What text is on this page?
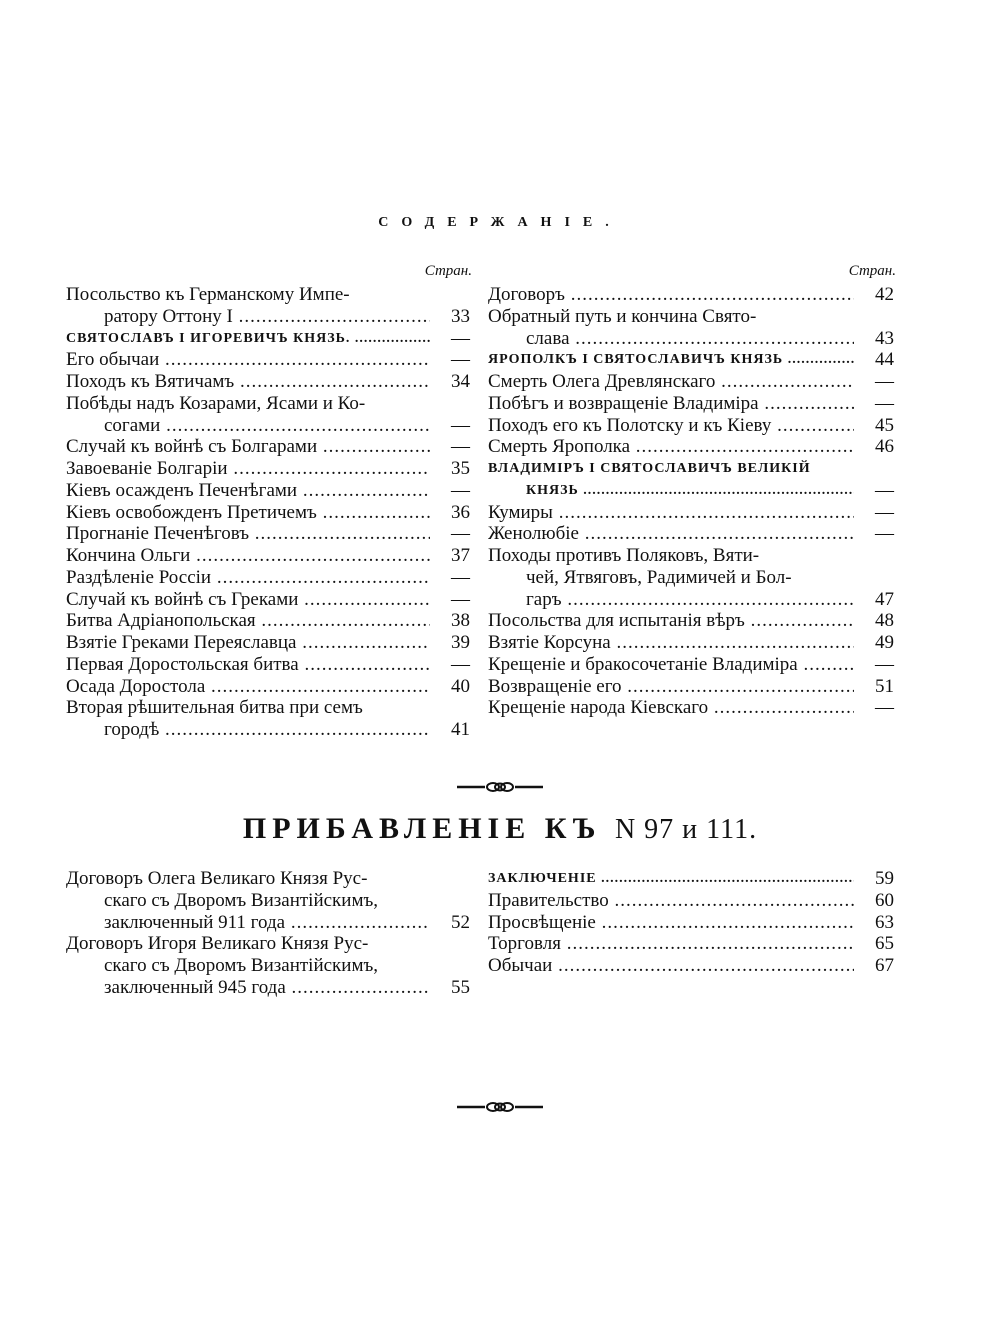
СОДЕРЖАНІЕ.
Стран.
Посольство къ Германскому Импе-
ратору Оттону I .....	33
СВЯТОСЛАВЪ I ИГОРЕВИЧЪ КНЯЗЬ. .....	—
Его обычаи .....	—
Походъ къ Вятичамъ .....	34
Побѣды надъ Козарами, Ясами и Ко-
согами .....	—
Случай къ войнѣ съ Болгарами .....	—
Завоеваніе Болгаріи .....	35
Кіевъ осажденъ Печенѣгами .....	—
Кіевъ освобожденъ Претичемъ .....	36
Прогнаніе Печенѣговъ .....	—
Кончина Ольги .....	37
Раздѣленіе Россіи .....	—
Случай къ войнѣ съ Греками .....	—
Битва Адріанопольская .....	38
Взятіе Греками Переяславца .....	39
Первая Доростольская битва .....	—
Осада Доростола .....	40
Вторая рѣшительная битва при семъ
городѣ .....	41
Стран.
Договоръ .....	42
Обратный путь и кончина Свято-
слава .....	43
ЯРОПОЛКЪ I СВЯТОСЛАВИЧЪ КНЯЗЬ .....	44
Смерть Олега Древлянскаго .....	—
Побѣгъ и возвращеніе Владиміра .....	—
Походъ его къ Полотску и къ Кіеву .....	45
Смерть Ярополка .....	46
ВЛАДИМІРЪ I СВЯТОСЛАВИЧЪ ВЕЛИКІЙ
КНЯЗЬ .....	—
Кумиры .....	—
Женолюбіе .....	—
Походы противъ Поляковъ, Вяти-
чей, Ятвяговъ, Радимичей и Бол-
гаръ .....	47
Посольства для испытанія вѣръ .....	48
Взятіе Корсуна .....	49
Крещеніе и бракосочетаніе Владиміра .....	—
Возвращеніе его .....	51
Крещеніе народа Кіевскаго .....	—
ПРИБАВЛЕНІЕ КЪ N 97 и 111.
Договоръ Олега Великаго Князя Рус-
скаго съ Дворомъ Византійскимъ,
заключенный 911 года .....	52
Договоръ Игоря Великаго Князя Рус-
скаго съ Дворомъ Византійскимъ,
заключенный 945 года .....	55
ЗАКЛЮЧЕНІЕ .....	59
Правительство .....	60
Просвѣщеніе .....	63
Торговля .....	65
Обычаи .....	67
